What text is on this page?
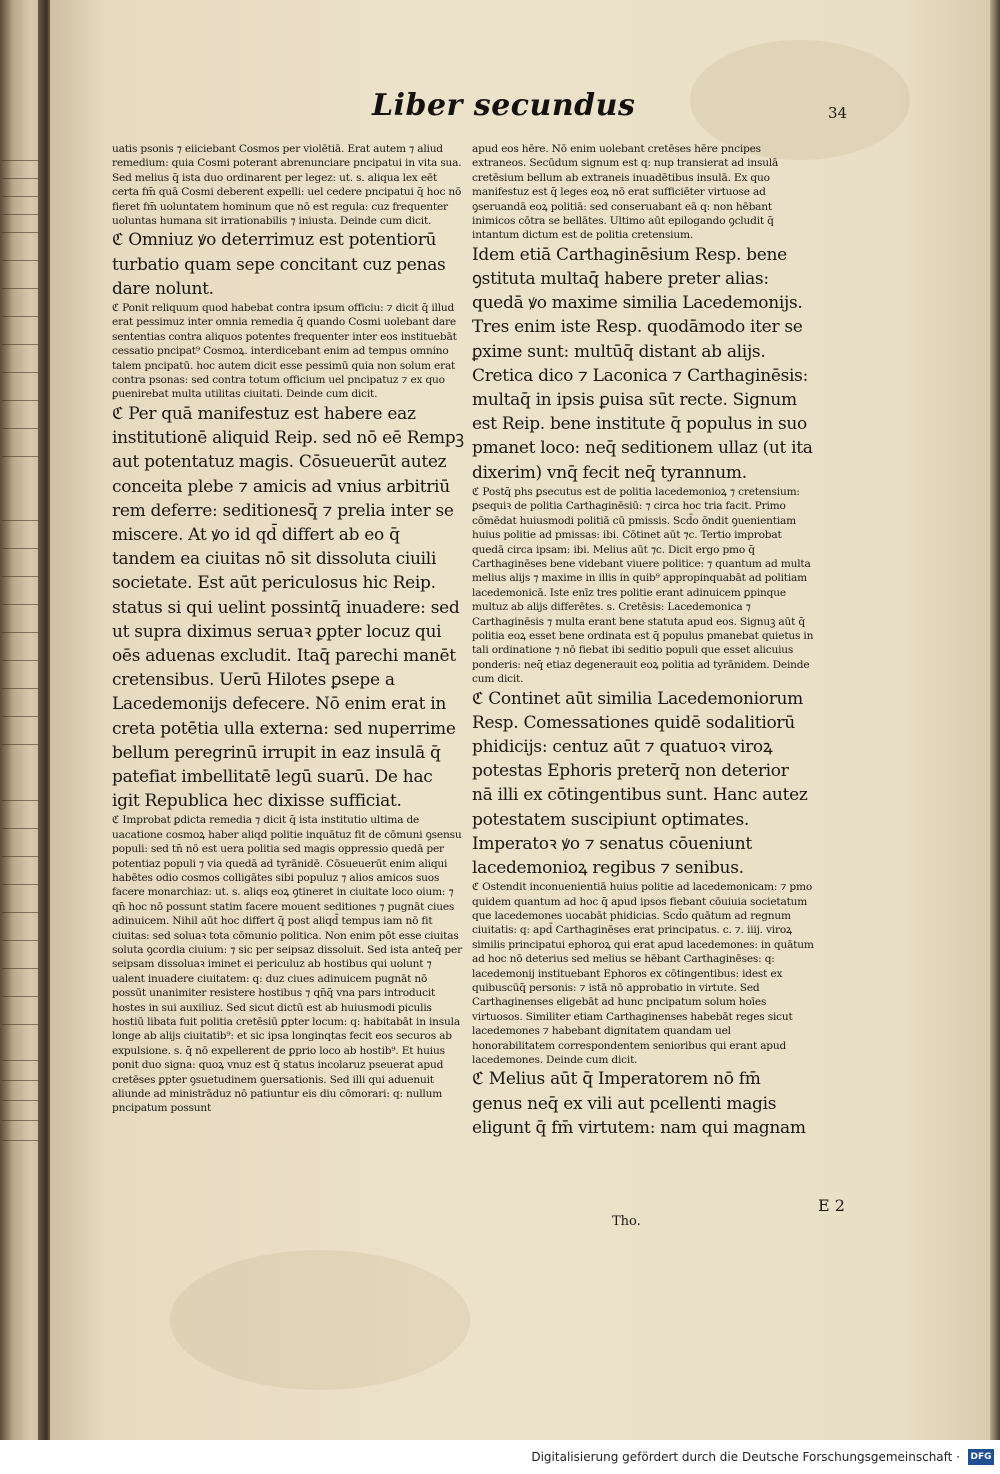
Liber secundus	34

uatis psonis ⁊ eiiciebant Cosmos per violētiā. Erat autem ⁊ aliud remedium: quia Cosmi poterant abrenunciare pncipatui in vita sua. Sed melius q̄ ista duo ordinarent per legez: ut. s. aliqua lex eēt certa fm̄ quā Cosmi deberent expelli: uel cedere pncipatui q̄ hoc nō fieret fm̄ uoluntatem hominum que nō est regula: cuz frequenter uoluntas humana sit irrationabilis ⁊ iniusta. Deinde cum dicit.

ℭ Omniuz ꝟo deterrimuz est potentiorū turbatio quam sepe concitant cuz penas dare nolunt.

ℭ Ponit reliquum quod habebat contra ipsum officiu: ⁊ dicit q̄ illud erat pessimuz inter omnia remedia q̄ quando Cosmi uolebant dare sententias contra aliquos potentes frequenter inter eos instituebāt cessatio pncipat⁹ Cosmoꝝ. interdicebant enim ad tempus omnino talem pncipatū. hoc autem dicit esse pessimū quia non solum erat contra psonas: sed contra totum officium uel pncipatuz ⁊ ex quo ꝑuenirebat multa utilitas ciuitati. Deinde cum dicit.

ℭ Per quā manifestuz est habere eaz institutionē aliquid Reip. sed nō eē Rempꝫ aut potentatuz magis. Cōsueuerūt autez conceita plebe ⁊ amicis ad vnius arbitriū rem deferre: seditionesq̄ ⁊ prelia inter se miscere. At ꝟo id qd̄ differt ab eo q̄ tandem ea ciuitas nō sit dissoluta ciuili societate. Est aūt periculosus hic Reip. status si qui uelint possintq̄ inuadere: sed ut supra diximus seruaꝛ ꝑpter locuz qui oēs aduenas excludit. Itaq̄ parechi manēt cretensibus. Uerū Hilotes ꝑsepe a Lacedemonijs defecere. Nō enim erat in creta potētia ulla externa: sed nuperrime bellum peregrinū irrupit in eaz insulā q̄ patefiat imbellitatē legū suarū. De hac igit Republica hec dixisse sufficiat.

ℭ Improbat ꝑdicta remedia ⁊ dicit q̄ ista institutio ultima de uacatione cosmoꝝ haber aliqd politie inquātuz fit de cōmuni ꝯsensu populi: sed tn̄ nō est uera politia sed magis oppressio quedā per potentiaz populi ⁊ via quedā ad tyrānidē. Cōsueuerūt enim aliqui habētes odio cosmos colligātes sibi populuz ⁊ alios amicos suos facere monarchiaz: ut. s. aliqs eoꝝ ꝯtineret in ciuitate loco oium: ⁊ qn̄ hoc nō possunt statim facere mouent seditiones ⁊ pugnāt ciues adinuicem. Nihil aūt hoc differt q̄ post aliqd̄ tempus iam nō fit ciuitas: sed soluaꝛ tota cōmunio politica. Non enim pōt esse ciuitas soluta ꝯcordia ciuium: ⁊ sic per seipsaz dissoluit. Sed ista anteq̄ per seipsam dissoluaꝛ iminet ei periculuz ab hostibus qui uolunt ⁊ ualent inuadere ciuitatem: q: duz ciues adinuicem pugnāt nō possūt unanimiter resistere hostibus ⁊ qn̄q̄ vna pars introducit hostes in sui auxiliuz. Sed sicut dictū est ab huiusmodi piculis hostiū libata fuit politia cretēsiū ꝑpter locum: q: habitabāt in insula longe ab alijs ciuitatib⁹: et sic ipsa longinqtas fecit eos securos ab expulsione. s. q̄ nō expellerent de ꝑprio loco ab hostib⁹. Et huius ponit duo signa: quoꝝ vnuz est q̄ status incolaruz pseuerat apud cretēses ꝑpter ꝯsuetudinem ꝯuersationis. Sed illi qui aduenuit aliunde ad ministrāduz nō patiuntur eis diu cōmorari: q: nullum pncipatum possunt

apud eos hēre. Nō enim uolebant cretēses hēre pncipes extraneos. Secūdum signum est q: nup transierat ad insulā cretēsium bellum ab extraneis inuadētibus insulā. Ex quo manifestuz est q̄ leges eoꝝ nō erat sufficiēter virtuose ad ꝯseruandā eoꝝ politiā: sed conseruabant eā q: non hēbant inimicos cōtra se bellātes. Ultimo aūt epilogando ꝯcludit q̄ intantum dictum est de politia cretensium.

Idem etiā Carthaginēsium Resp. bene ꝯstituta multaq̄ habere preter alias: quedā ꝟo maxime similia Lacedemonijs. Tres enim iste Resp. quodāmodo iter se ꝑxime sunt: multūq̄ distant ab alijs. Cretica dico ⁊ Laconica ⁊ Carthaginēsis: multaq̄ in ipsis ꝑuisa sūt recte. Signum est Reip. bene institute q̄ populus in suo pmanet loco: neq̄ seditionem ullaz (ut ita dixerim) vnq̄ fecit neq̄ tyrannum.

ℭ Postq̄ phs ꝑsecutus est de politia lacedemonioꝝ ⁊ cretensium: ꝑsequiꝛ de politia Carthaginēsiū: ⁊ circa hoc tria facit. Primo cōmēdat huiusmodi politiā cū pmissis. Scd̄o ōndit ꝯuenientiam huius politie ad pmissas: ibi. Cōtinet aūt ⁊c. Tertio improbat quedā circa ipsam: ibi. Melius aūt ⁊c. Dicit ergo pmo q̄ Carthaginēses bene videbant viuere politice: ⁊ quantum ad multa melius alijs ⁊ maxime in illis in quib⁹ appropinquabāt ad politiam lacedemonicā. Iste enīz tres politie erant adinuicem ꝑpinque multuz ab alijs differētes. s. Cretēsis: Lacedemonica ⁊ Carthaginēsis ⁊ multa erant bene statuta apud eos. Signuꝫ aūt q̄ politia eoꝝ esset bene ordinata est q̄ populus pmanebat quietus in tali ordinatione ⁊ nō fiebat ibi seditio populi que esset alicuius ponderis: neq̄ etiaz degenerauit eoꝝ politia ad tyrānidem. Deinde cum dicit.

ℭ Continet aūt similia Lacedemoniorum Resp. Comessationes quidē sodalitiorū phidicijs: centuz aūt ⁊ quatuoꝛ viroꝝ potestas Ephoris preterq̄ non deterior nā illi ex cōtingentibus sunt. Hanc autez potestatem suscipiunt optimates. Imperatoꝛ ꝟo ⁊ senatus cōueniunt lacedemonioꝝ regibus ⁊ senibus.

ℭ Ostendit inconuenientiā huius politie ad lacedemonicam: ⁊ pmo quidem quantum ad hoc q̄ apud ipsos fiebant cōuiuia societatum que lacedemones uocabāt phidicias. Scd̄o quātum ad regnum ciuitatis: q: apd̄ Carthaginēses erat principatus. c. ⁊. iiij. viroꝝ similis principatui ephoroꝝ qui erat apud lacedemones: in quātum ad hoc nō deterius sed melius se hēbant Carthaginēses: q: lacedemonij instituebant Ephoros ex cōtingentibus: idest ex quibuscūq̄ personis: ⁊ istā nō approbatio in virtute. Sed Carthaginenses eligebāt ad hunc pncipatum solum hoīes virtuosos. Similiter etiam Carthaginenses habebāt reges sicut lacedemones ⁊ habebant dignitatem quandam uel honorabilitatem correspondentem senioribus qui erant apud lacedemones. Deinde cum dicit.

ℭ Melius aūt q̄ Imperatorem nō fm̄ genus neq̄ ex vili aut pcellenti magis eligunt q̄ fm̄ virtutem: nam qui magnam

E 2
Tho.
Digitalisierung gefördert durch die Deutsche Forschungsgemeinschaft · DFG
